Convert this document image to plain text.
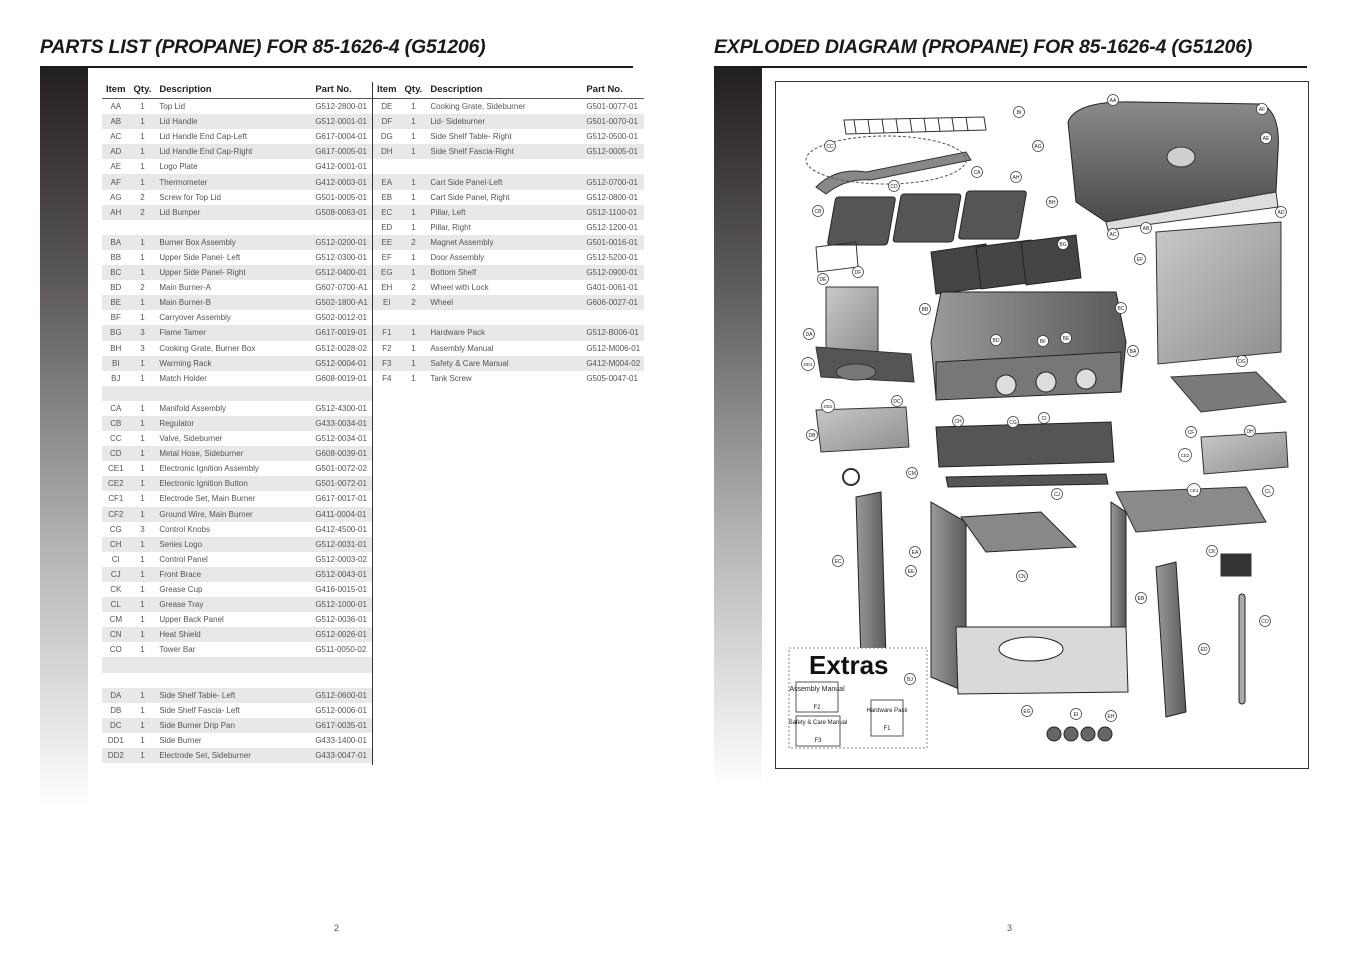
PARTS LIST (PROPANE) FOR 85-1626-4 (G51206)
Item	Qty.	Description	Part No.
AA	1	Top Lid	G512-2800-01
AB	1	Lid Handle	G512-0001-01
AC	1	Lid Handle End Cap-Left	G617-0004-01
AD	1	Lid Handle End Cap-Right	G617-0005-01
AE	1	Logo Plate	G412-0001-01
AF	1	Thermometer	G412-0003-01
AG	2	Screw for Top Lid	G501-0005-01
AH	2	Lid Bumper	G508-0063-01

BA	1	Burner Box Assembly	G512-0200-01
BB	1	Upper Side Panel- Left	G512-0300-01
BC	1	Upper Side Panel- Right	G512-0400-01
BD	2	Main Burner-A	G607-0700-A1
BE	1	Main Burner-B	G502-1800-A1
BF	1	Carryover Assembly	G502-0012-01
BG	3	Flame Tamer	G617-0019-01
BH	3	Cooking Grate, Burner Box	G512-0028-02
BI	1	Warming Rack	G512-0004-01
BJ	1	Match Holder	G608-0019-01

CA	1	Manifold Assembly	G512-4300-01
CB	1	Regulator	G433-0034-01
CC	1	Valve, Sideburner	G512-0034-01
CD	1	Metal Hose, Sideburner	G608-0039-01
CE1	1	Electronic Ignition Assembly	G501-0072-02
CE2	1	Electronic Ignition Button	G501-0072-01
CF1	1	Electrode Set, Main Burner	G617-0017-01
CF2	1	Ground Wire, Main Burner	G411-0004-01
CG	3	Control Knobs	G412-4500-01
CH	1	Series Logo	G512-0031-01
CI	1	Control Panel	G512-0003-02
CJ	1	Front Brace	G512-0043-01
CK	1	Grease Cup	G416-0015-01
CL	1	Grease Tray	G512-1000-01
CM	1	Upper Back Panel	G512-0036-01
CN	1	Heat Shield	G512-0026-01
CO	1	Tower Bar	G511-0050-02

DA	1	Side Shelf Table- Left	G512-0600-01
DB	1	Side Shelf Fascia- Left	G512-0006-01
DC	1	Side Burner Drip Pan	G617-0035-01
DD1	1	Side Burner	G433-1400-01
DD2	1	Electrode Set, Sideburner	G433-0047-01
Item	Qty.	Description	Part No.
DE	1	Cooking Grate, Sideburner	G501-0077-01
DF	1	Lid- Sideburner	G501-0070-01
DG	1	Side Shelf Table- Right	G512-0500-01
DH	1	Side Shelf Fascia-Right	G512-0005-01

EA	1	Cart Side Panel-Left	G512-0700-01
EB	1	Cart Side Panel, Right	G512-0800-01
EC	1	Pillar, Left	G512-1100-01
ED	1	Pillar, Right	G512-1200-01
EE	2	Magnet Assembly	G501-0016-01
EF	1	Door Assembly	G512-5200-01
EG	1	Bottom Shelf	G512-0900-01
EH	2	Wheel with Lock	G401-0061-01
EI	2	Wheel	G606-0027-01

F1	1	Hardware Pack	G512-B006-01
F2	1	Assembly Manual	G512-M006-01
F3	1	Safety & Care Manual	G412-M004-02
F4	1	Tank Screw	G505-0047-01
2
EXPLODED DIAGRAM (PROPANE) FOR 85-1626-4 (G51206)
Extras
Assembly Manual
F2
Safety & Care Manual
F3
Hardware Pack
F1
AA
AF
AE
AD
AC
AB
AG
AH
BI
BH
BG
BB	BC
BD	BF	BE
BA
CC
CA
CD
CB
DE
DF
DA
DD1
DD2
DB
DC
CH	CG
CI
CF
CE2
CE1
CM
CJ	CL
CK
CO
CN
EA
EE
EC
EF
DG
DH
EB
ED
EG	EI	EH
BJ
3
